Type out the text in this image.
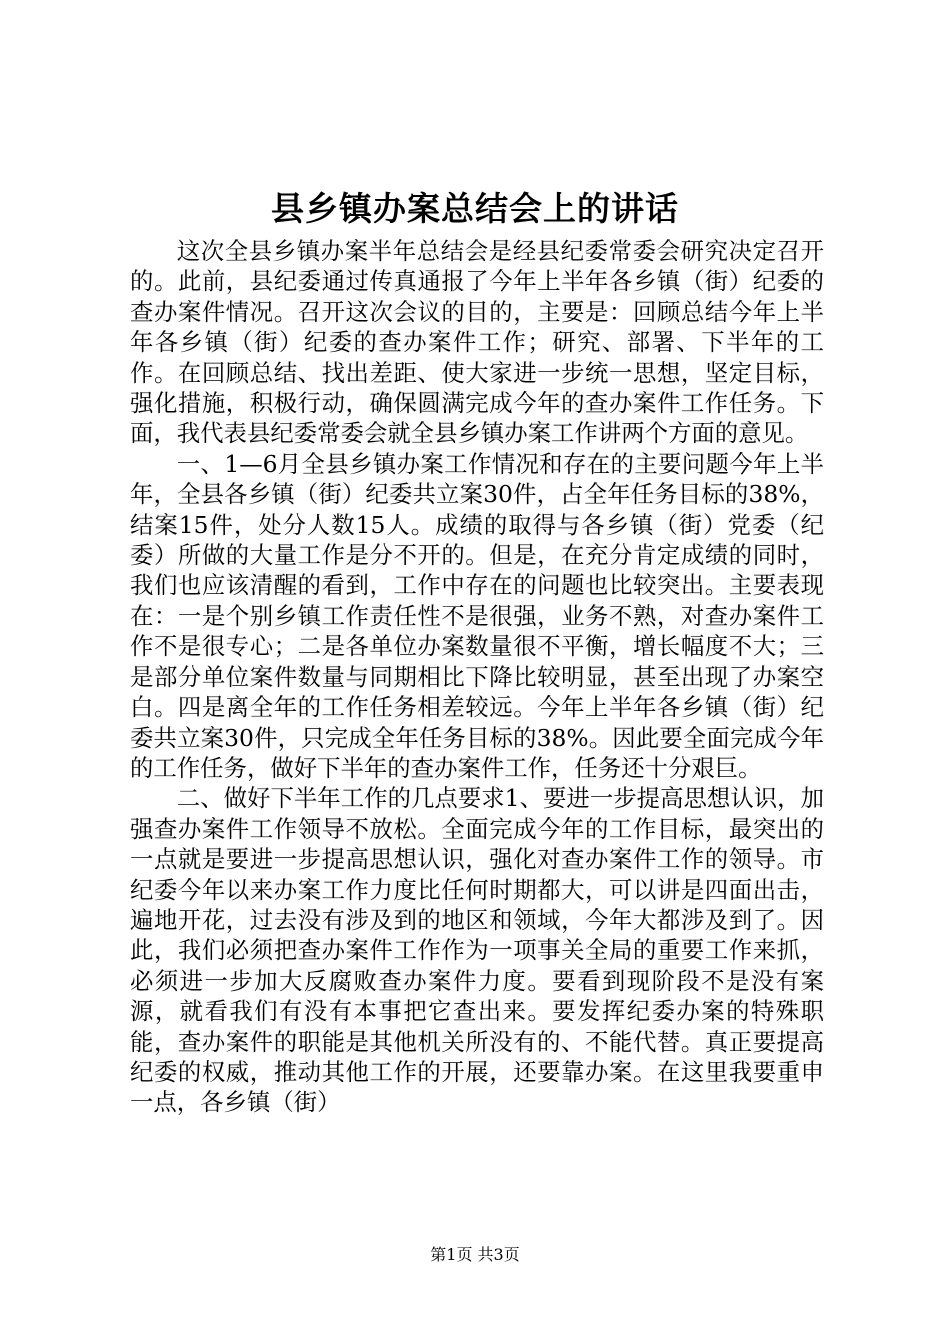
县乡镇办案总结会上的讲话

这次全县乡镇办案半年总结会是经县纪委常委会研究决定召开的。此前，县纪委通过传真通报了今年上半年各乡镇（街）纪委的查办案件情况。召开这次会议的目的，主要是：回顾总结今年上半年各乡镇（街）纪委的查办案件工作；研究、部署、下半年的工作。在回顾总结、找出差距、使大家进一步统一思想，坚定目标，强化措施，积极行动，确保圆满完成今年的查办案件工作任务。下面，我代表县纪委常委会就全县乡镇办案工作讲两个方面的意见。

一、1—6月全县乡镇办案工作情况和存在的主要问题今年上半年，全县各乡镇（街）纪委共立案30件，占全年任务目标的38%，结案15件，处分人数15人。成绩的取得与各乡镇（街）党委（纪委）所做的大量工作是分不开的。但是，在充分肯定成绩的同时，我们也应该清醒的看到，工作中存在的问题也比较突出。主要表现在：一是个别乡镇工作责任性不是很强，业务不熟，对查办案件工作不是很专心；二是各单位办案数量很不平衡，增长幅度不大；三是部分单位案件数量与同期相比下降比较明显，甚至出现了办案空白。四是离全年的工作任务相差较远。今年上半年各乡镇（街）纪委共立案30件，只完成全年任务目标的38%。因此要全面完成今年的工作任务，做好下半年的查办案件工作，任务还十分艰巨。

二、做好下半年工作的几点要求1、要进一步提高思想认识，加强查办案件工作领导不放松。全面完成今年的工作目标，最突出的一点就是要进一步提高思想认识，强化对查办案件工作的领导。市纪委今年以来办案工作力度比任何时期都大，可以讲是四面出击，遍地开花，过去没有涉及到的地区和领域，今年大都涉及到了。因此，我们必须把查办案件工作作为一项事关全局的重要工作来抓，必须进一步加大反腐败查办案件力度。要看到现阶段不是没有案源，就看我们有没有本事把它查出来。要发挥纪委办案的特殊职能，查办案件的职能是其他机关所没有的、不能代替。真正要提高纪委的权威，推动其他工作的开展，还要靠办案。在这里我要重申一点，各乡镇（街）

第1页 共3页
